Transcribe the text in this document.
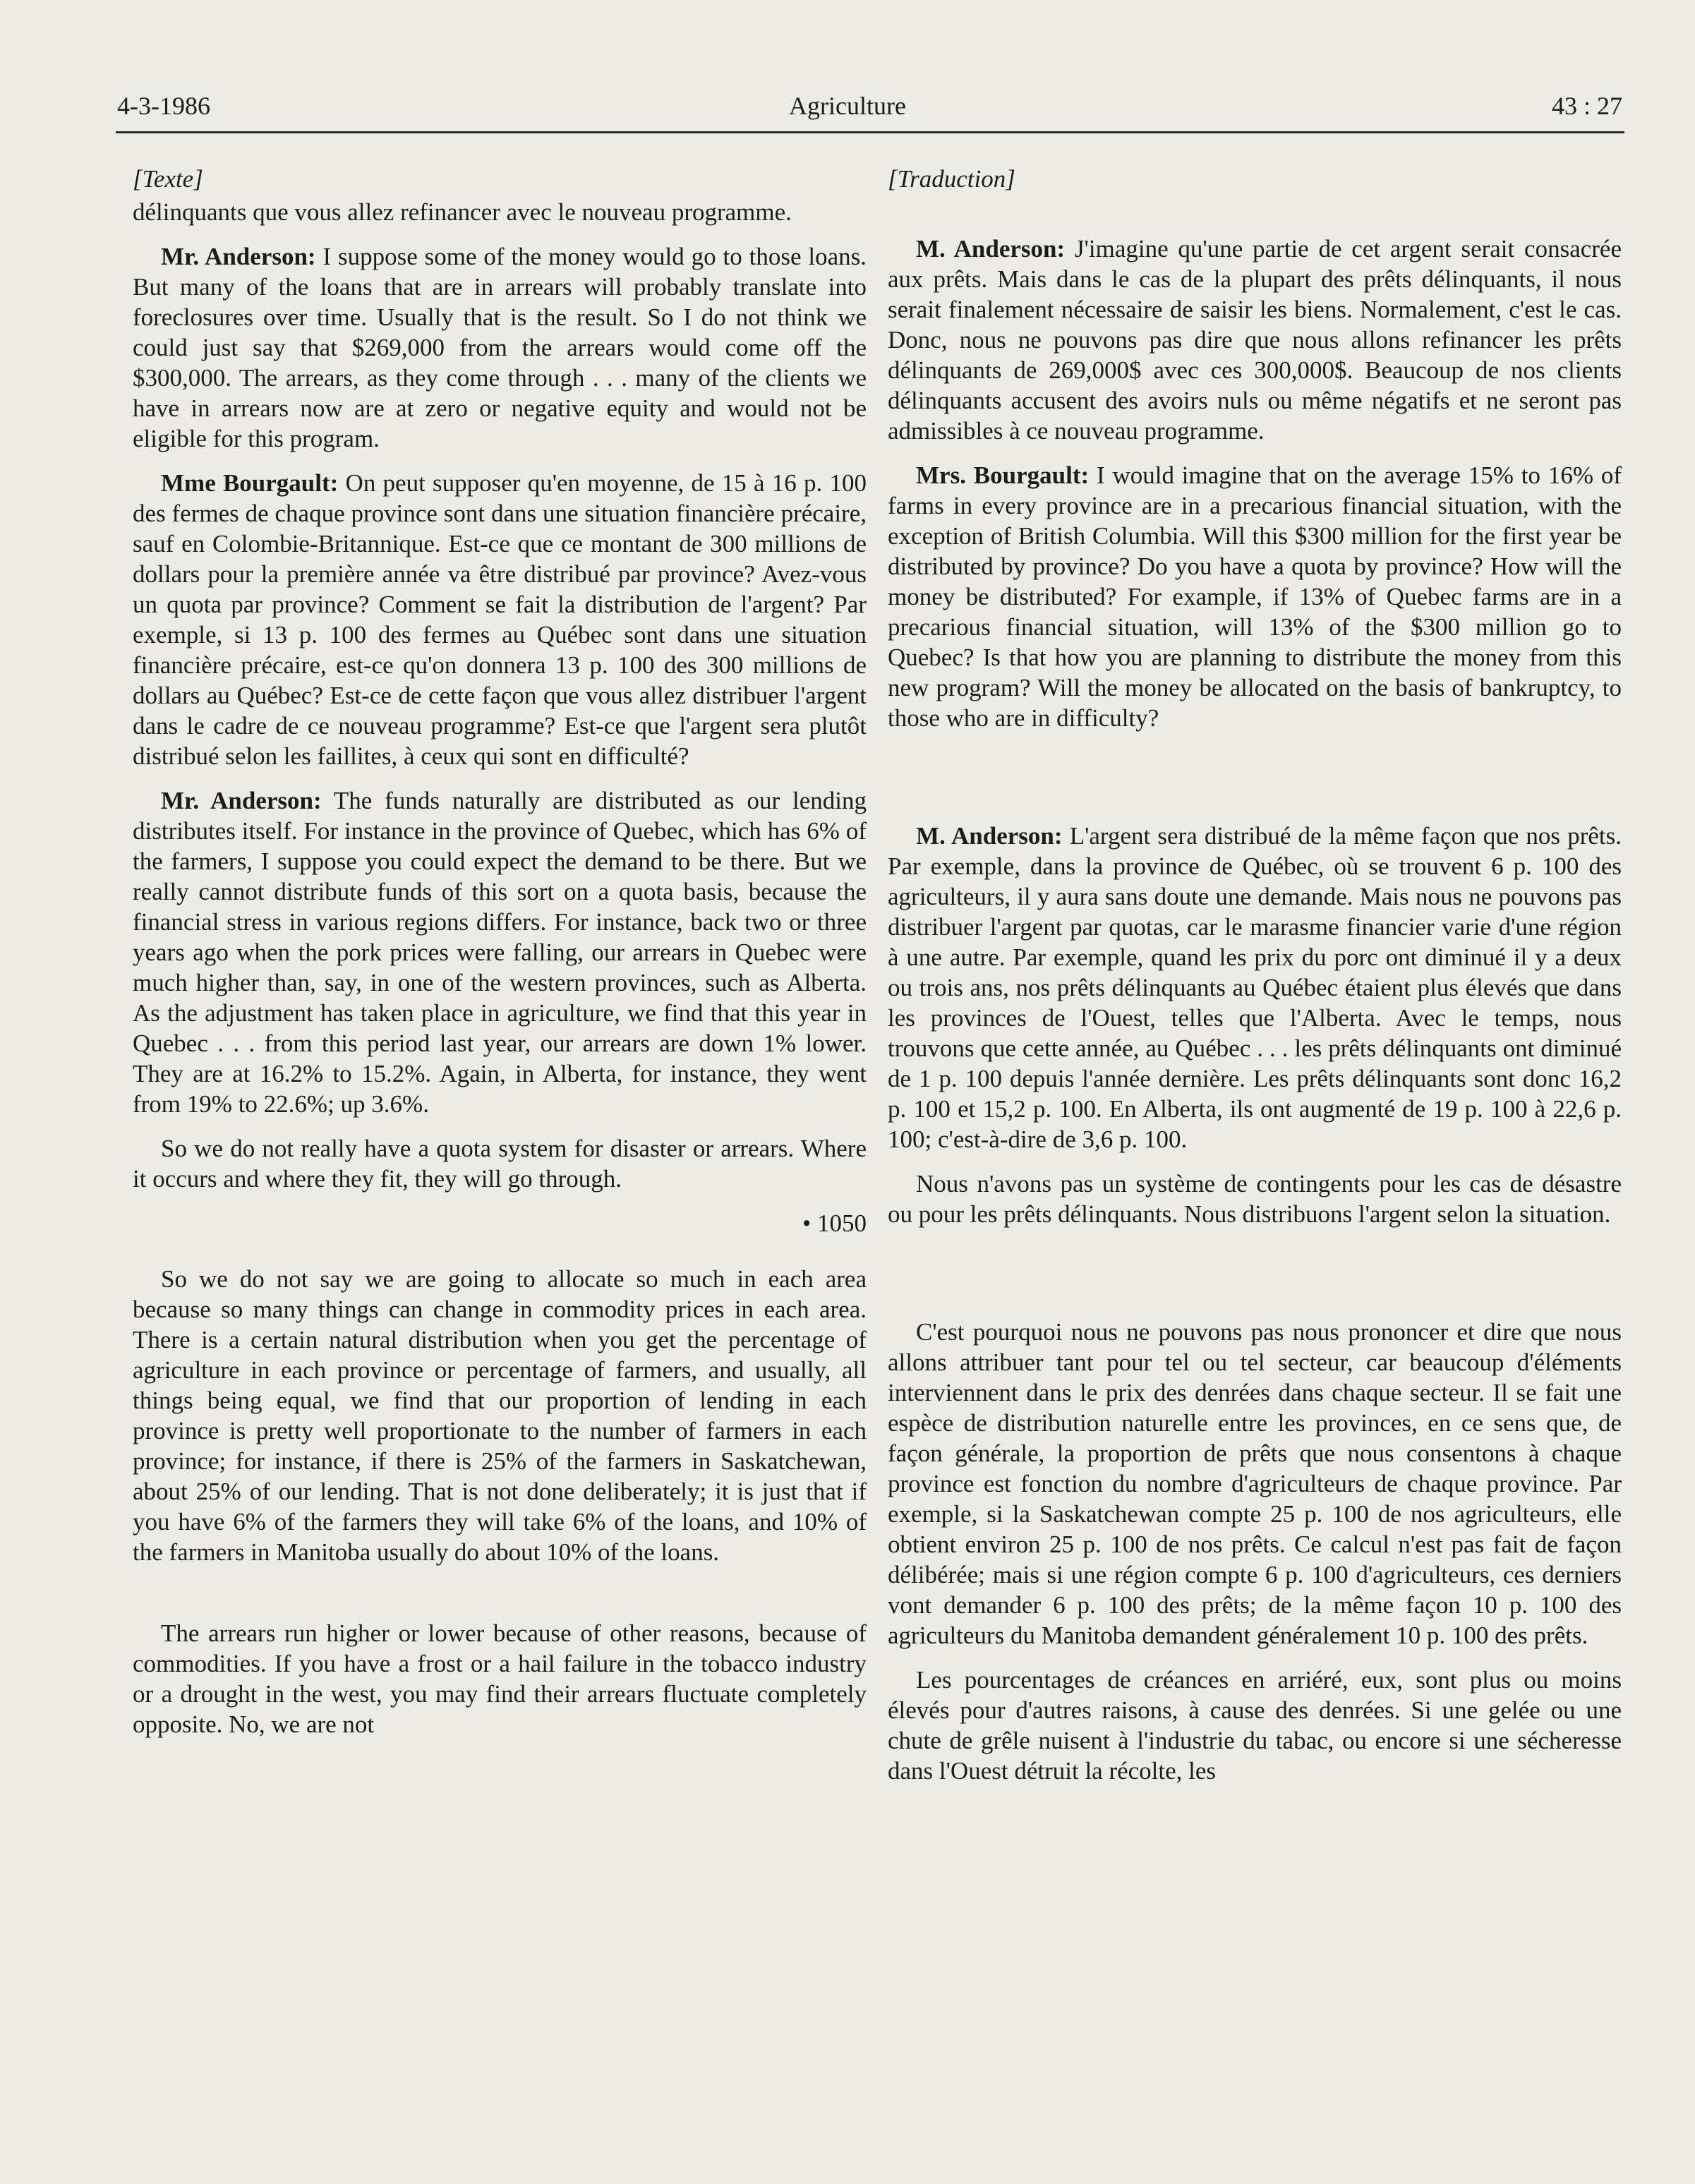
4-3-1986	Agriculture	43 : 27

[Texte]

délinquants que vous allez refinancer avec le nouveau programme.

Mr. Anderson: I suppose some of the money would go to those loans. But many of the loans that are in arrears will probably translate into foreclosures over time. Usually that is the result. So I do not think we could just say that $269,000 from the arrears would come off the $300,000. The arrears, as they come through . . . many of the clients we have in arrears now are at zero or negative equity and would not be eligible for this program.

Mme Bourgault: On peut supposer qu'en moyenne, de 15 à 16 p. 100 des fermes de chaque province sont dans une situation financière précaire, sauf en Colombie-Britannique. Est-ce que ce montant de 300 millions de dollars pour la première année va être distribué par province? Avez-vous un quota par province? Comment se fait la distribution de l'argent? Par exemple, si 13 p. 100 des fermes au Québec sont dans une situation financière précaire, est-ce qu'on donnera 13 p. 100 des 300 millions de dollars au Québec? Est-ce de cette façon que vous allez distribuer l'argent dans le cadre de ce nouveau programme? Est-ce que l'argent sera plutôt distribué selon les faillites, à ceux qui sont en difficulté?

Mr. Anderson: The funds naturally are distributed as our lending distributes itself. For instance in the province of Quebec, which has 6% of the farmers, I suppose you could expect the demand to be there. But we really cannot distribute funds of this sort on a quota basis, because the financial stress in various regions differs. For instance, back two or three years ago when the pork prices were falling, our arrears in Quebec were much higher than, say, in one of the western provinces, such as Alberta. As the adjustment has taken place in agriculture, we find that this year in Quebec . . . from this period last year, our arrears are down 1% lower. They are at 16.2% to 15.2%. Again, in Alberta, for instance, they went from 19% to 22.6%; up 3.6%.

So we do not really have a quota system for disaster or arrears. Where it occurs and where they fit, they will go through.

• 1050

So we do not say we are going to allocate so much in each area because so many things can change in commodity prices in each area. There is a certain natural distribution when you get the percentage of agriculture in each province or percentage of farmers, and usually, all things being equal, we find that our proportion of lending in each province is pretty well proportionate to the number of farmers in each province; for instance, if there is 25% of the farmers in Saskatchewan, about 25% of our lending. That is not done deliberately; it is just that if you have 6% of the farmers they will take 6% of the loans, and 10% of the farmers in Manitoba usually do about 10% of the loans.

The arrears run higher or lower because of other reasons, because of commodities. If you have a frost or a hail failure in the tobacco industry or a drought in the west, you may find their arrears fluctuate completely opposite. No, we are not

[Traduction]

M. Anderson: J'imagine qu'une partie de cet argent serait consacrée aux prêts. Mais dans le cas de la plupart des prêts délinquants, il nous serait finalement nécessaire de saisir les biens. Normalement, c'est le cas. Donc, nous ne pouvons pas dire que nous allons refinancer les prêts délinquants de 269,000$ avec ces 300,000$. Beaucoup de nos clients délinquants accusent des avoirs nuls ou même négatifs et ne seront pas admissibles à ce nouveau programme.

Mrs. Bourgault: I would imagine that on the average 15% to 16% of farms in every province are in a precarious financial situation, with the exception of British Columbia. Will this $300 million for the first year be distributed by province? Do you have a quota by province? How will the money be distributed? For example, if 13% of Quebec farms are in a precarious financial situation, will 13% of the $300 million go to Quebec? Is that how you are planning to distribute the money from this new program? Will the money be allocated on the basis of bankruptcy, to those who are in difficulty?

M. Anderson: L'argent sera distribué de la même façon que nos prêts. Par exemple, dans la province de Québec, où se trouvent 6 p. 100 des agriculteurs, il y aura sans doute une demande. Mais nous ne pouvons pas distribuer l'argent par quotas, car le marasme financier varie d'une région à une autre. Par exemple, quand les prix du porc ont diminué il y a deux ou trois ans, nos prêts délinquants au Québec étaient plus élevés que dans les provinces de l'Ouest, telles que l'Alberta. Avec le temps, nous trouvons que cette année, au Québec . . . les prêts délinquants ont diminué de 1 p. 100 depuis l'année dernière. Les prêts délinquants sont donc 16,2 p. 100 et 15,2 p. 100. En Alberta, ils ont augmenté de 19 p. 100 à 22,6 p. 100; c'est-à-dire de 3,6 p. 100.

Nous n'avons pas un système de contingents pour les cas de désastre ou pour les prêts délinquants. Nous distribuons l'argent selon la situation.

C'est pourquoi nous ne pouvons pas nous prononcer et dire que nous allons attribuer tant pour tel ou tel secteur, car beaucoup d'éléments interviennent dans le prix des denrées dans chaque secteur. Il se fait une espèce de distribution naturelle entre les provinces, en ce sens que, de façon générale, la proportion de prêts que nous consentons à chaque province est fonction du nombre d'agriculteurs de chaque province. Par exemple, si la Saskatchewan compte 25 p. 100 de nos agriculteurs, elle obtient environ 25 p. 100 de nos prêts. Ce calcul n'est pas fait de façon délibérée; mais si une région compte 6 p. 100 d'agriculteurs, ces derniers vont demander 6 p. 100 des prêts; de la même façon 10 p. 100 des agriculteurs du Manitoba demandent généralement 10 p. 100 des prêts.

Les pourcentages de créances en arriéré, eux, sont plus ou moins élevés pour d'autres raisons, à cause des denrées. Si une gelée ou une chute de grêle nuisent à l'industrie du tabac, ou encore si une sécheresse dans l'Ouest détruit la récolte, les
